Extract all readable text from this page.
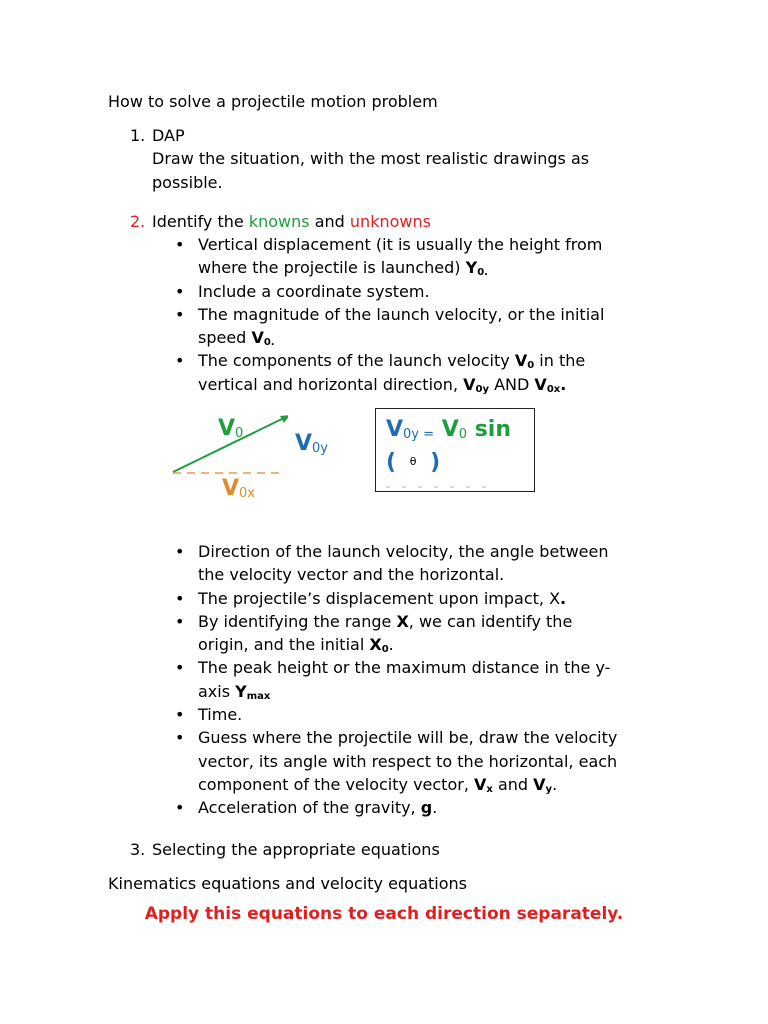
How to solve a projectile motion problem
1. DAP
Draw the situation, with the most realistic drawings as
possible.
2. Identify the knowns and unknowns
• Vertical displacement (it is usually the height from
where the projectile is launched) $Y_{0.}$
• Include a coordinate system.
• The magnitude of the launch velocity, or the initial
speed $V_{0.}$
• The components of the launch velocity $V_0$ in the
vertical and horizontal direction, $V_{0y}$ AND $V_{0x}$.
$V_0$ $V_{0y}$
$V_{0x}$
$V_{0y =}$ $V_0$ sin
( θ )
• Direction of the launch velocity, the angle between
the velocity vector and the horizontal.
• The projectile’s displacement upon impact, X.
• By identifying the range X, we can identify the
origin, and the initial $X_0$.
• The peak height or the maximum distance in the y-
axis $Y_{max}$
• Time.
• Guess where the projectile will be, draw the velocity
vector, its angle with respect to the horizontal, each
component of the velocity vector, $V_x$ and $V_y$.
• Acceleration of the gravity, g.
3. Selecting the appropriate equations
Kinematics equations and velocity equations
Apply this equations to each direction separately.
